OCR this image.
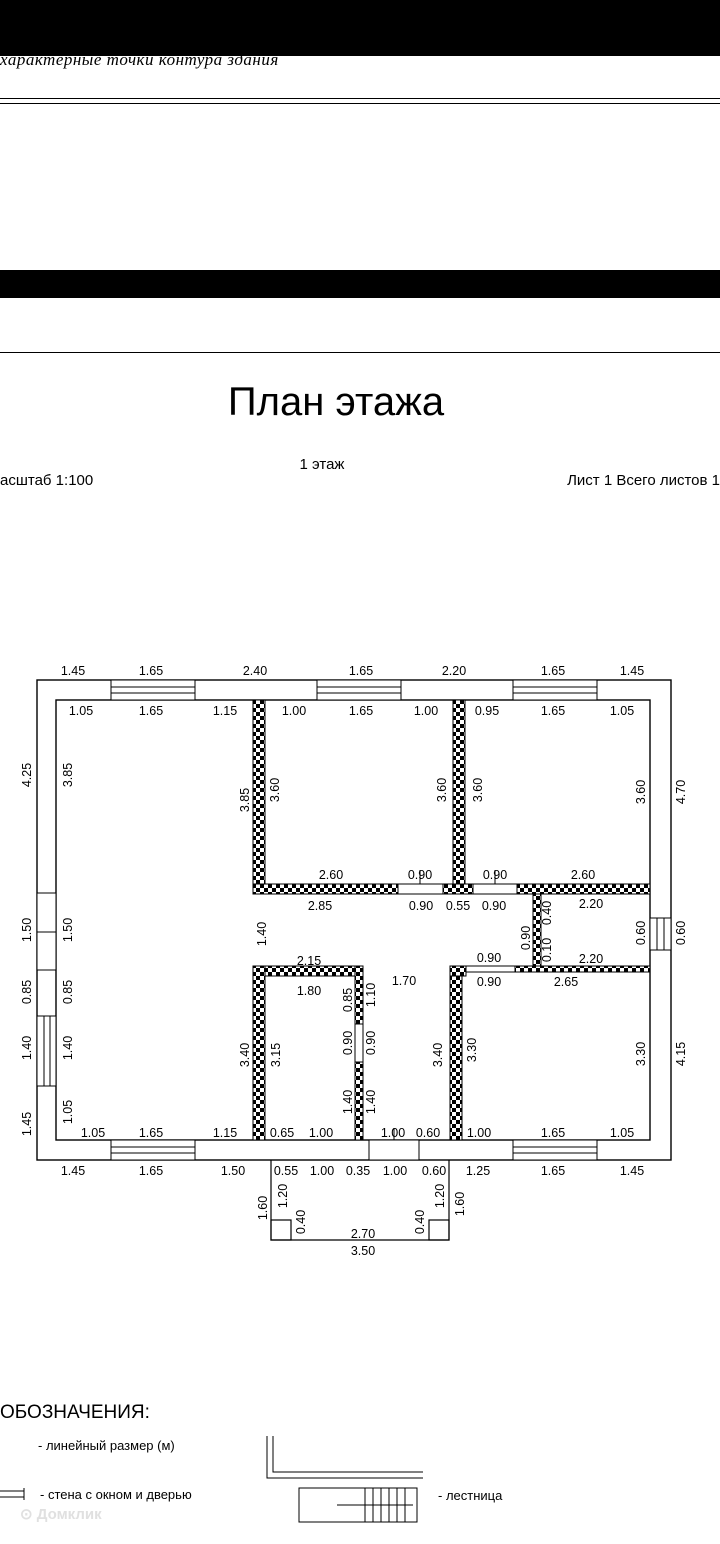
характерные точки контура здания
План этажа
1 этаж
асштаб 1:100	Лист 1 Всего листов 1
1.45	1.65	2.40	1.65	2.20	1.65	1.45
1.05	1.65	1.15	1.00	1.65	1.00	0.95	1.65	1.05
4.25
1.50
0.85
1.40
1.45
3.85
1.50
0.85
1.40
1.05
4.70
0.60
4.15
3.60
0.60
3.30
3.85 3.60	3.60 3.60
3.40 3.15	3.40 3.30
2.60	0.90	0.90	2.60
2.85	0.90 0.55 0.90	2.20
0.40
0.10
0.90
0.90	2.20
0.90	2.65
2.15
1.80 0.85 1.10
0.90 0.90
1.40 1.40
1.70
1.40
1.05	1.65	1.15	0.65 1.00	1.00 0.60 1.00	1.65	1.05
1.45	1.65	1.50 0.55 1.00 0.35 1.00 0.60 1.25	1.65	1.45
1.60 1.20
0.40	2.70	0.40
1.20 1.60
3.50
ОБОЗНАЧЕНИЯ:
- линейный размер (м)
- стена с окном и дверью	- лестница
⊙ Домклик
